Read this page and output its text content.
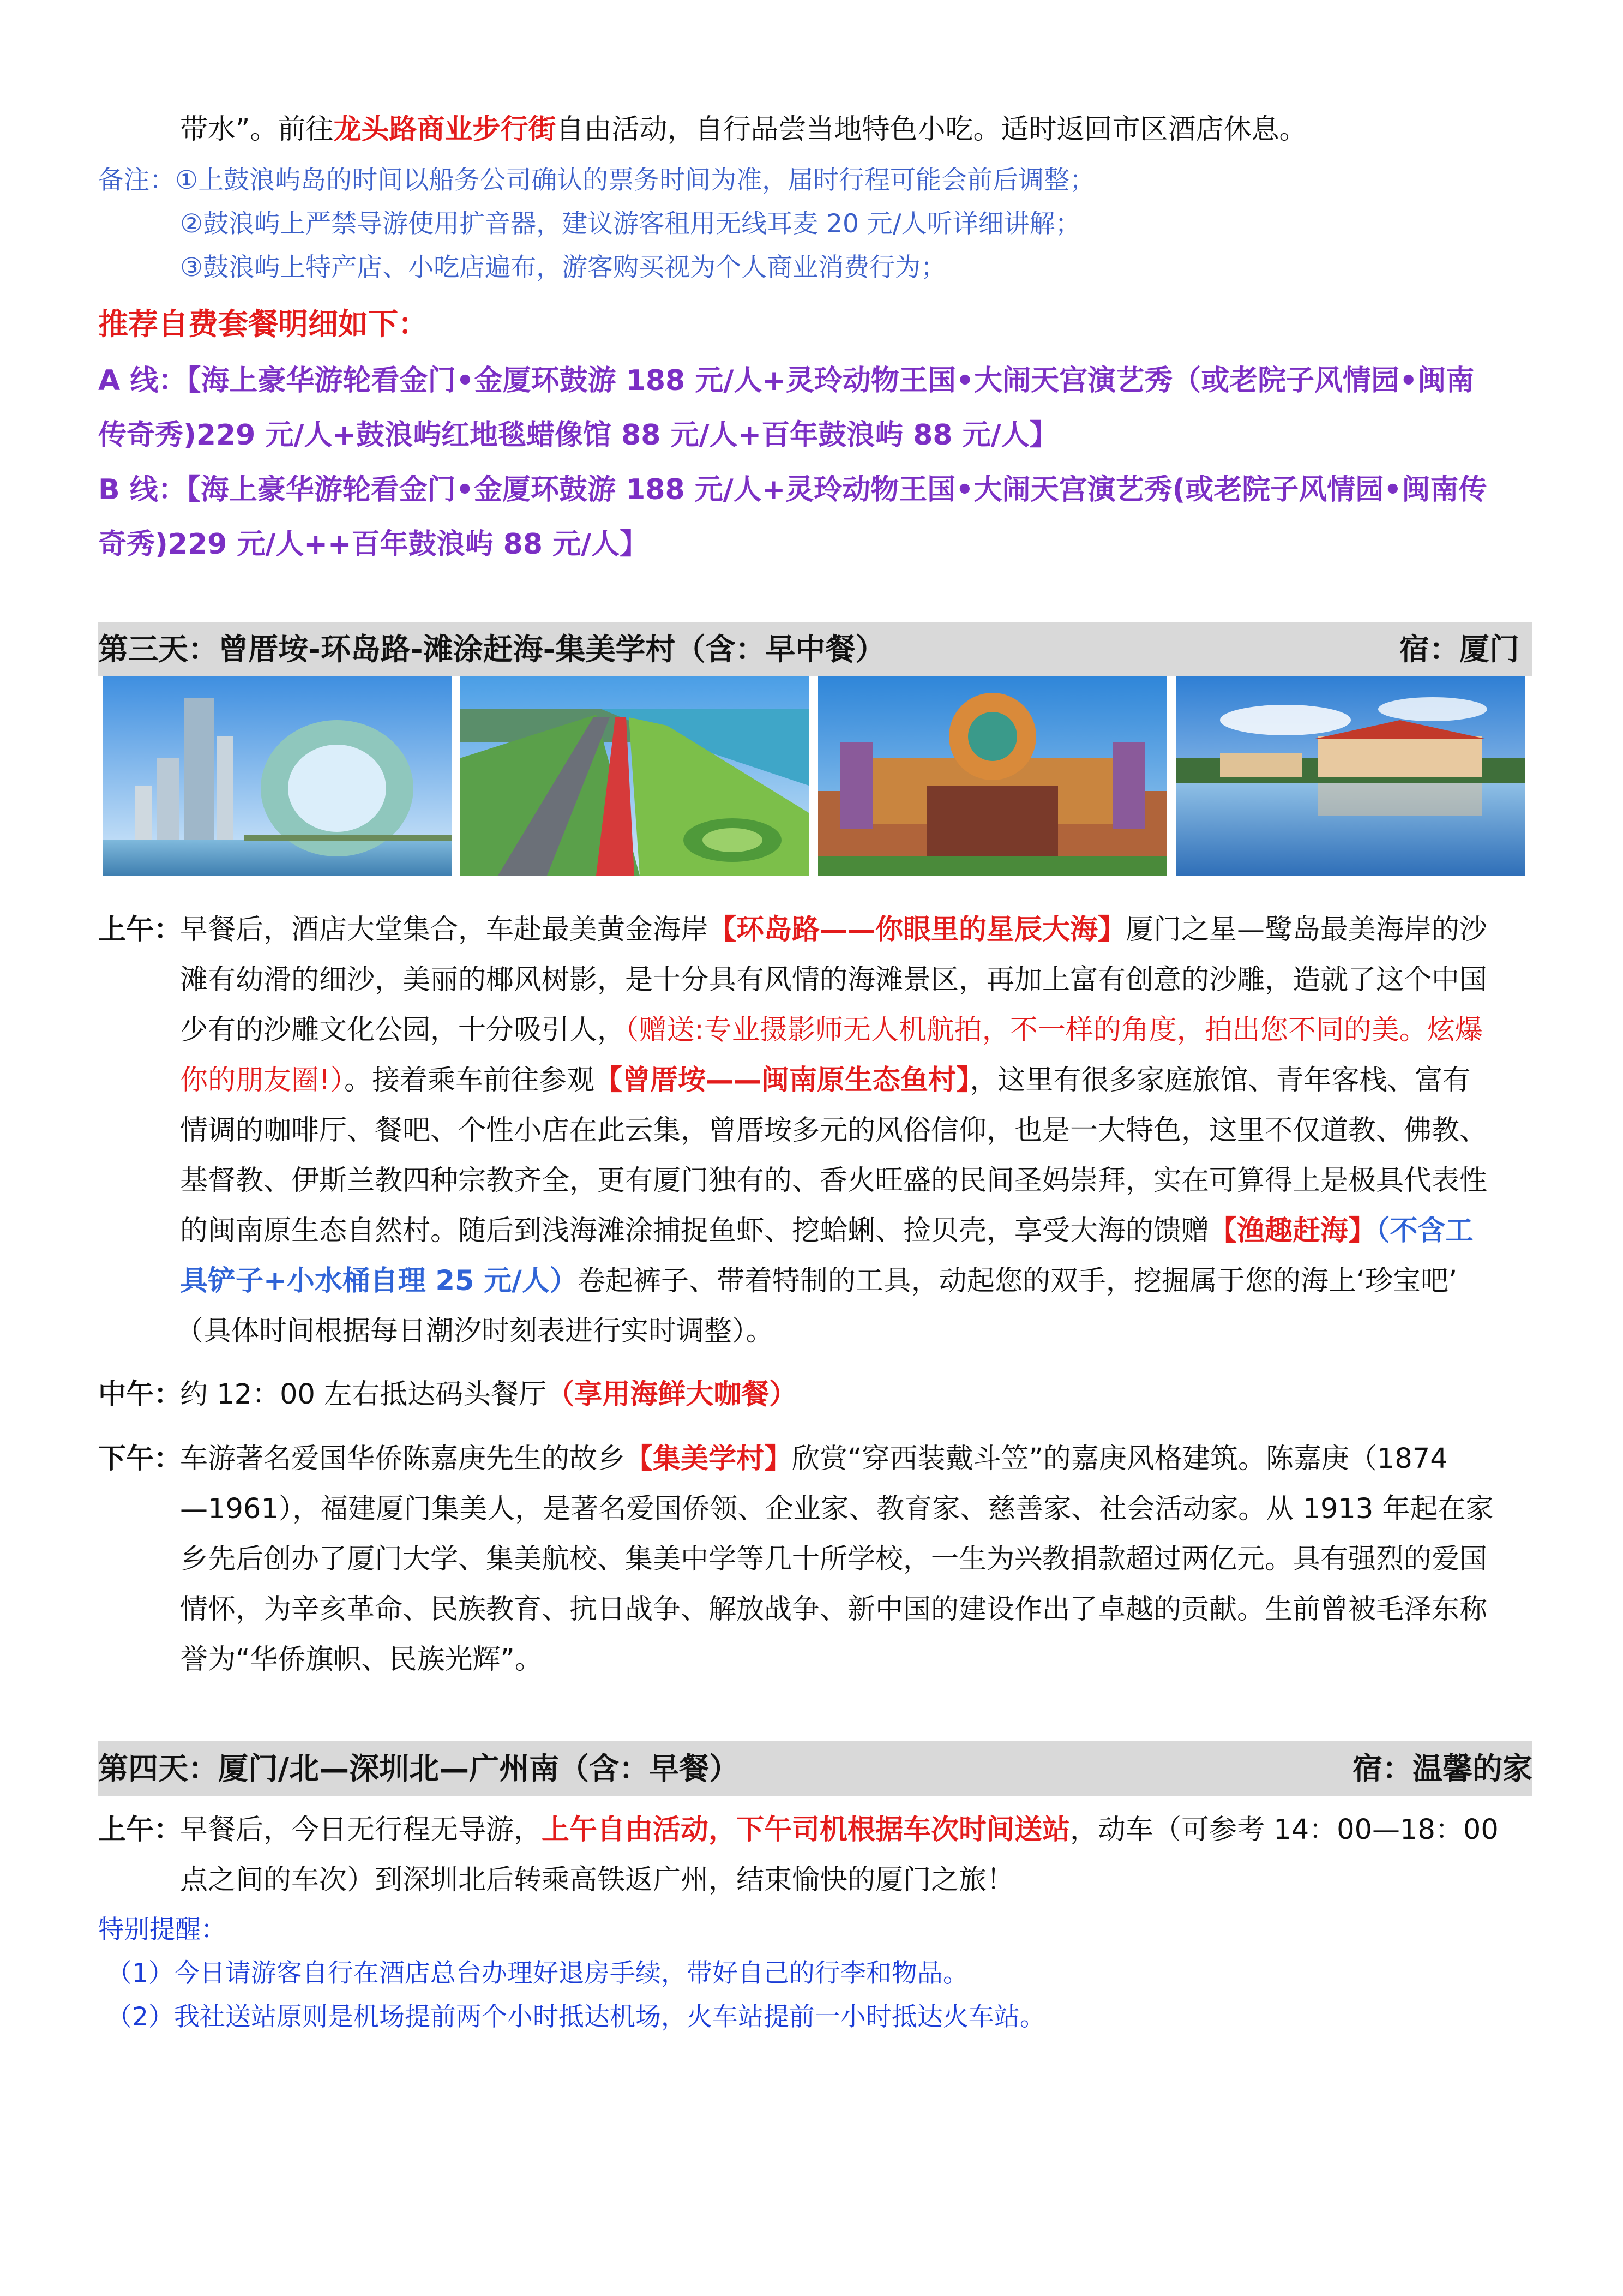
带水”。前往龙头路商业步行街自由活动，自行品尝当地特色小吃。适时返回市区酒店休息。
备注：①上鼓浪屿岛的时间以船务公司确认的票务时间为准，届时行程可能会前后调整；
②鼓浪屿上严禁导游使用扩音器，建议游客租用无线耳麦 20 元/人听详细讲解；
③鼓浪屿上特产店、小吃店遍布，游客购买视为个人商业消费行为；
推荐自费套餐明细如下：
A 线：【海上豪华游轮看金门•金厦环鼓游 188 元/人+灵玲动物王国•大闹天宫演艺秀（或老院子风情园•闽南
传奇秀)229 元/人+鼓浪屿红地毯蜡像馆 88 元/人+百年鼓浪屿 88 元/人】
B 线：【海上豪华游轮看金门•金厦环鼓游 188 元/人+灵玲动物王国•大闹天宫演艺秀(或老院子风情园•闽南传
奇秀)229 元/人++百年鼓浪屿 88 元/人】
第三天：曾厝垵-环岛路-滩涂赶海-集美学村（含：早中餐）	宿：厦门
上午：
早餐后，酒店大堂集合，车赴最美黄金海岸【环岛路——你眼里的星辰大海】厦门之星—鹭岛最美海岸的沙
滩有幼滑的细沙，美丽的椰风树影，是十分具有风情的海滩景区，再加上富有创意的沙雕，造就了这个中国
少有的沙雕文化公园，十分吸引人，（赠送:专业摄影师无人机航拍，不一样的角度，拍出您不同的美。炫爆
你的朋友圈!）。接着乘车前往参观【曾厝垵——闽南原生态鱼村】，这里有很多家庭旅馆、青年客栈、富有
情调的咖啡厅、餐吧、个性小店在此云集，曾厝垵多元的风俗信仰，也是一大特色，这里不仅道教、佛教、
基督教、伊斯兰教四种宗教齐全，更有厦门独有的、香火旺盛的民间圣妈崇拜，实在可算得上是极具代表性
的闽南原生态自然村。随后到浅海滩涂捕捉鱼虾、挖蛤蜊、捡贝壳，享受大海的馈赠【渔趣赶海】（不含工
具铲子+小水桶自理 25 元/人）卷起裤子、带着特制的工具，动起您的双手，挖掘属于您的海上‘珍宝吧’
（具体时间根据每日潮汐时刻表进行实时调整）。
中午：
约 12：00 左右抵达码头餐厅（享用海鲜大咖餐）
下午：
车游著名爱国华侨陈嘉庚先生的故乡【集美学村】欣赏“穿西装戴斗笠”的嘉庚风格建筑。陈嘉庚（1874
—1961），福建厦门集美人，是著名爱国侨领、企业家、教育家、慈善家、社会活动家。从 1913 年起在家
乡先后创办了厦门大学、集美航校、集美中学等几十所学校，一生为兴教捐款超过两亿元。具有强烈的爱国
情怀，为辛亥革命、民族教育、抗日战争、解放战争、新中国的建设作出了卓越的贡献。生前曾被毛泽东称
誉为“华侨旗帜、民族光辉”。
第四天：厦门/北—深圳北—广州南（含：早餐）	宿：温馨的家
上午：
早餐后，今日无行程无导游，上午自由活动，下午司机根据车次时间送站，动车（可参考 14：00—18：00
点之间的车次）到深圳北后转乘高铁返广州，结束愉快的厦门之旅！
特别提醒：
（1）今日请游客自行在酒店总台办理好退房手续，带好自己的行李和物品。
（2）我社送站原则是机场提前两个小时抵达机场，火车站提前一小时抵达火车站。
